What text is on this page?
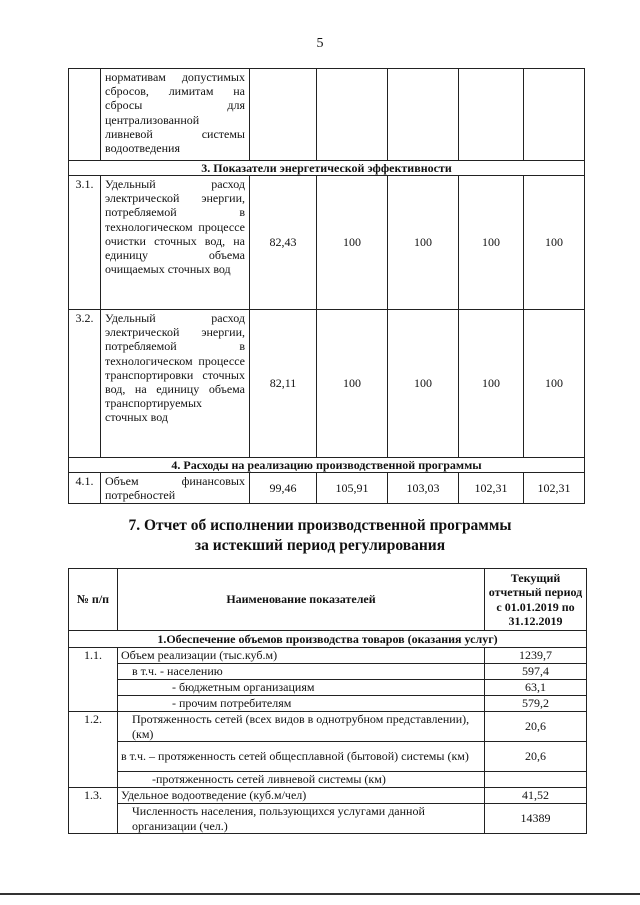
5
	нормативам допустимых сбросов, лимитам на сбросы для централизованной ливневой системы водоотведения					
3. Показатели энергетической эффективности						
3.1.	Удельный расход электрической энергии, потребляемой в технологическом процессе очистки сточных вод, на единицу объема очищаемых сточных вод	82,43	100	100	100	100
3.2.	Удельный расход электрической энергии, потребляемой в технологическом процессе транспортировки сточных вод, на единицу объема транспортируемых сточных вод	82,11	100	100	100	100
4. Расходы на реализацию производственной программы						
4.1.	Объем финансовых потребностей	99,46	105,91	103,03	102,31	102,31
7. Отчет об исполнении производственной программы
за истекший период регулирования
№ п/п	Наименование показателей	Текущий отчетный период с 01.01.2019 по 31.12.2019
1.Обеспечение объемов производства товаров (оказания услуг)		
1.1.	Объем реализации (тыс.куб.м)	1239,7
	в т.ч. - населению	597,4
	- бюджетным организациям	63,1
	- прочим потребителям	579,2
1.2.	Протяженность сетей (всех видов в однотрубном представлении), (км)	20,6
	в т.ч. – протяженность сетей общесплавной (бытовой) системы (км)	20,6
	-протяженность сетей ливневой системы (км)	
1.3.	Удельное водоотведение (куб.м/чел)	41,52
	Численность населения, пользующихся услугами данной организации (чел.)	14389
